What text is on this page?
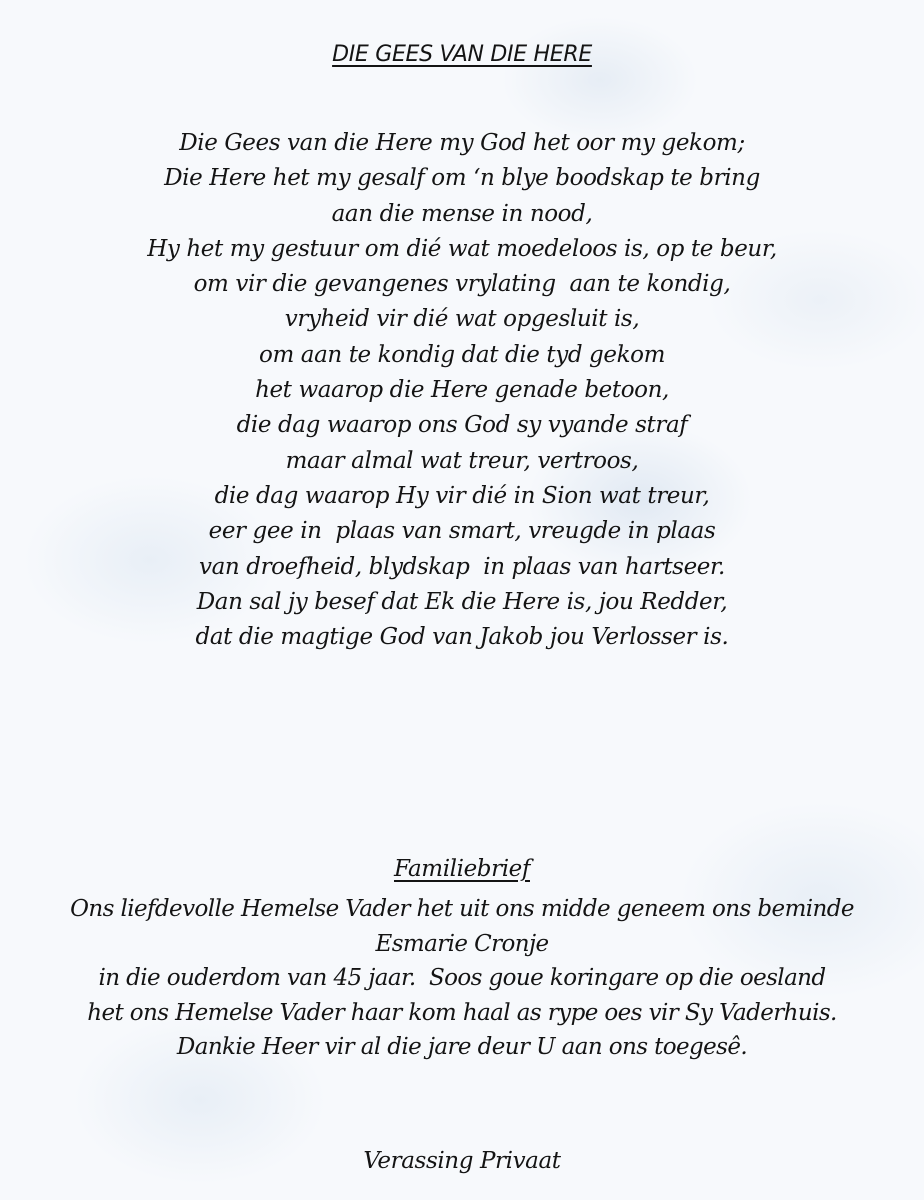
DIE GEES VAN DIE HERE
Die Gees van die Here my God het oor my gekom;
Die Here het my gesalf om ‘n blye boodskap te bring
aan die mense in nood,
Hy het my gestuur om dié wat moedeloos is, op te beur,
om vir die gevangenes vrylating  aan te kondig,
vryheid vir dié wat opgesluit is,
om aan te kondig dat die tyd gekom
het waarop die Here genade betoon,
die dag waarop ons God sy vyande straf
maar almal wat treur, vertroos,
die dag waarop Hy vir dié in Sion wat treur,
eer gee in  plaas van smart, vreugde in plaas
van droefheid, blydskap  in plaas van hartseer.
Dan sal jy besef dat Ek die Here is, jou Redder,
dat die magtige God van Jakob jou Verlosser is.
Familiebrief
Ons liefdevolle Hemelse Vader het uit ons midde geneem ons beminde
Esmarie Cronje
in die ouderdom van 45 jaar.  Soos goue koringare op die oesland
het ons Hemelse Vader haar kom haal as rype oes vir Sy Vaderhuis.
Dankie Heer vir al die jare deur U aan ons toegesê.
Verassing Privaat
